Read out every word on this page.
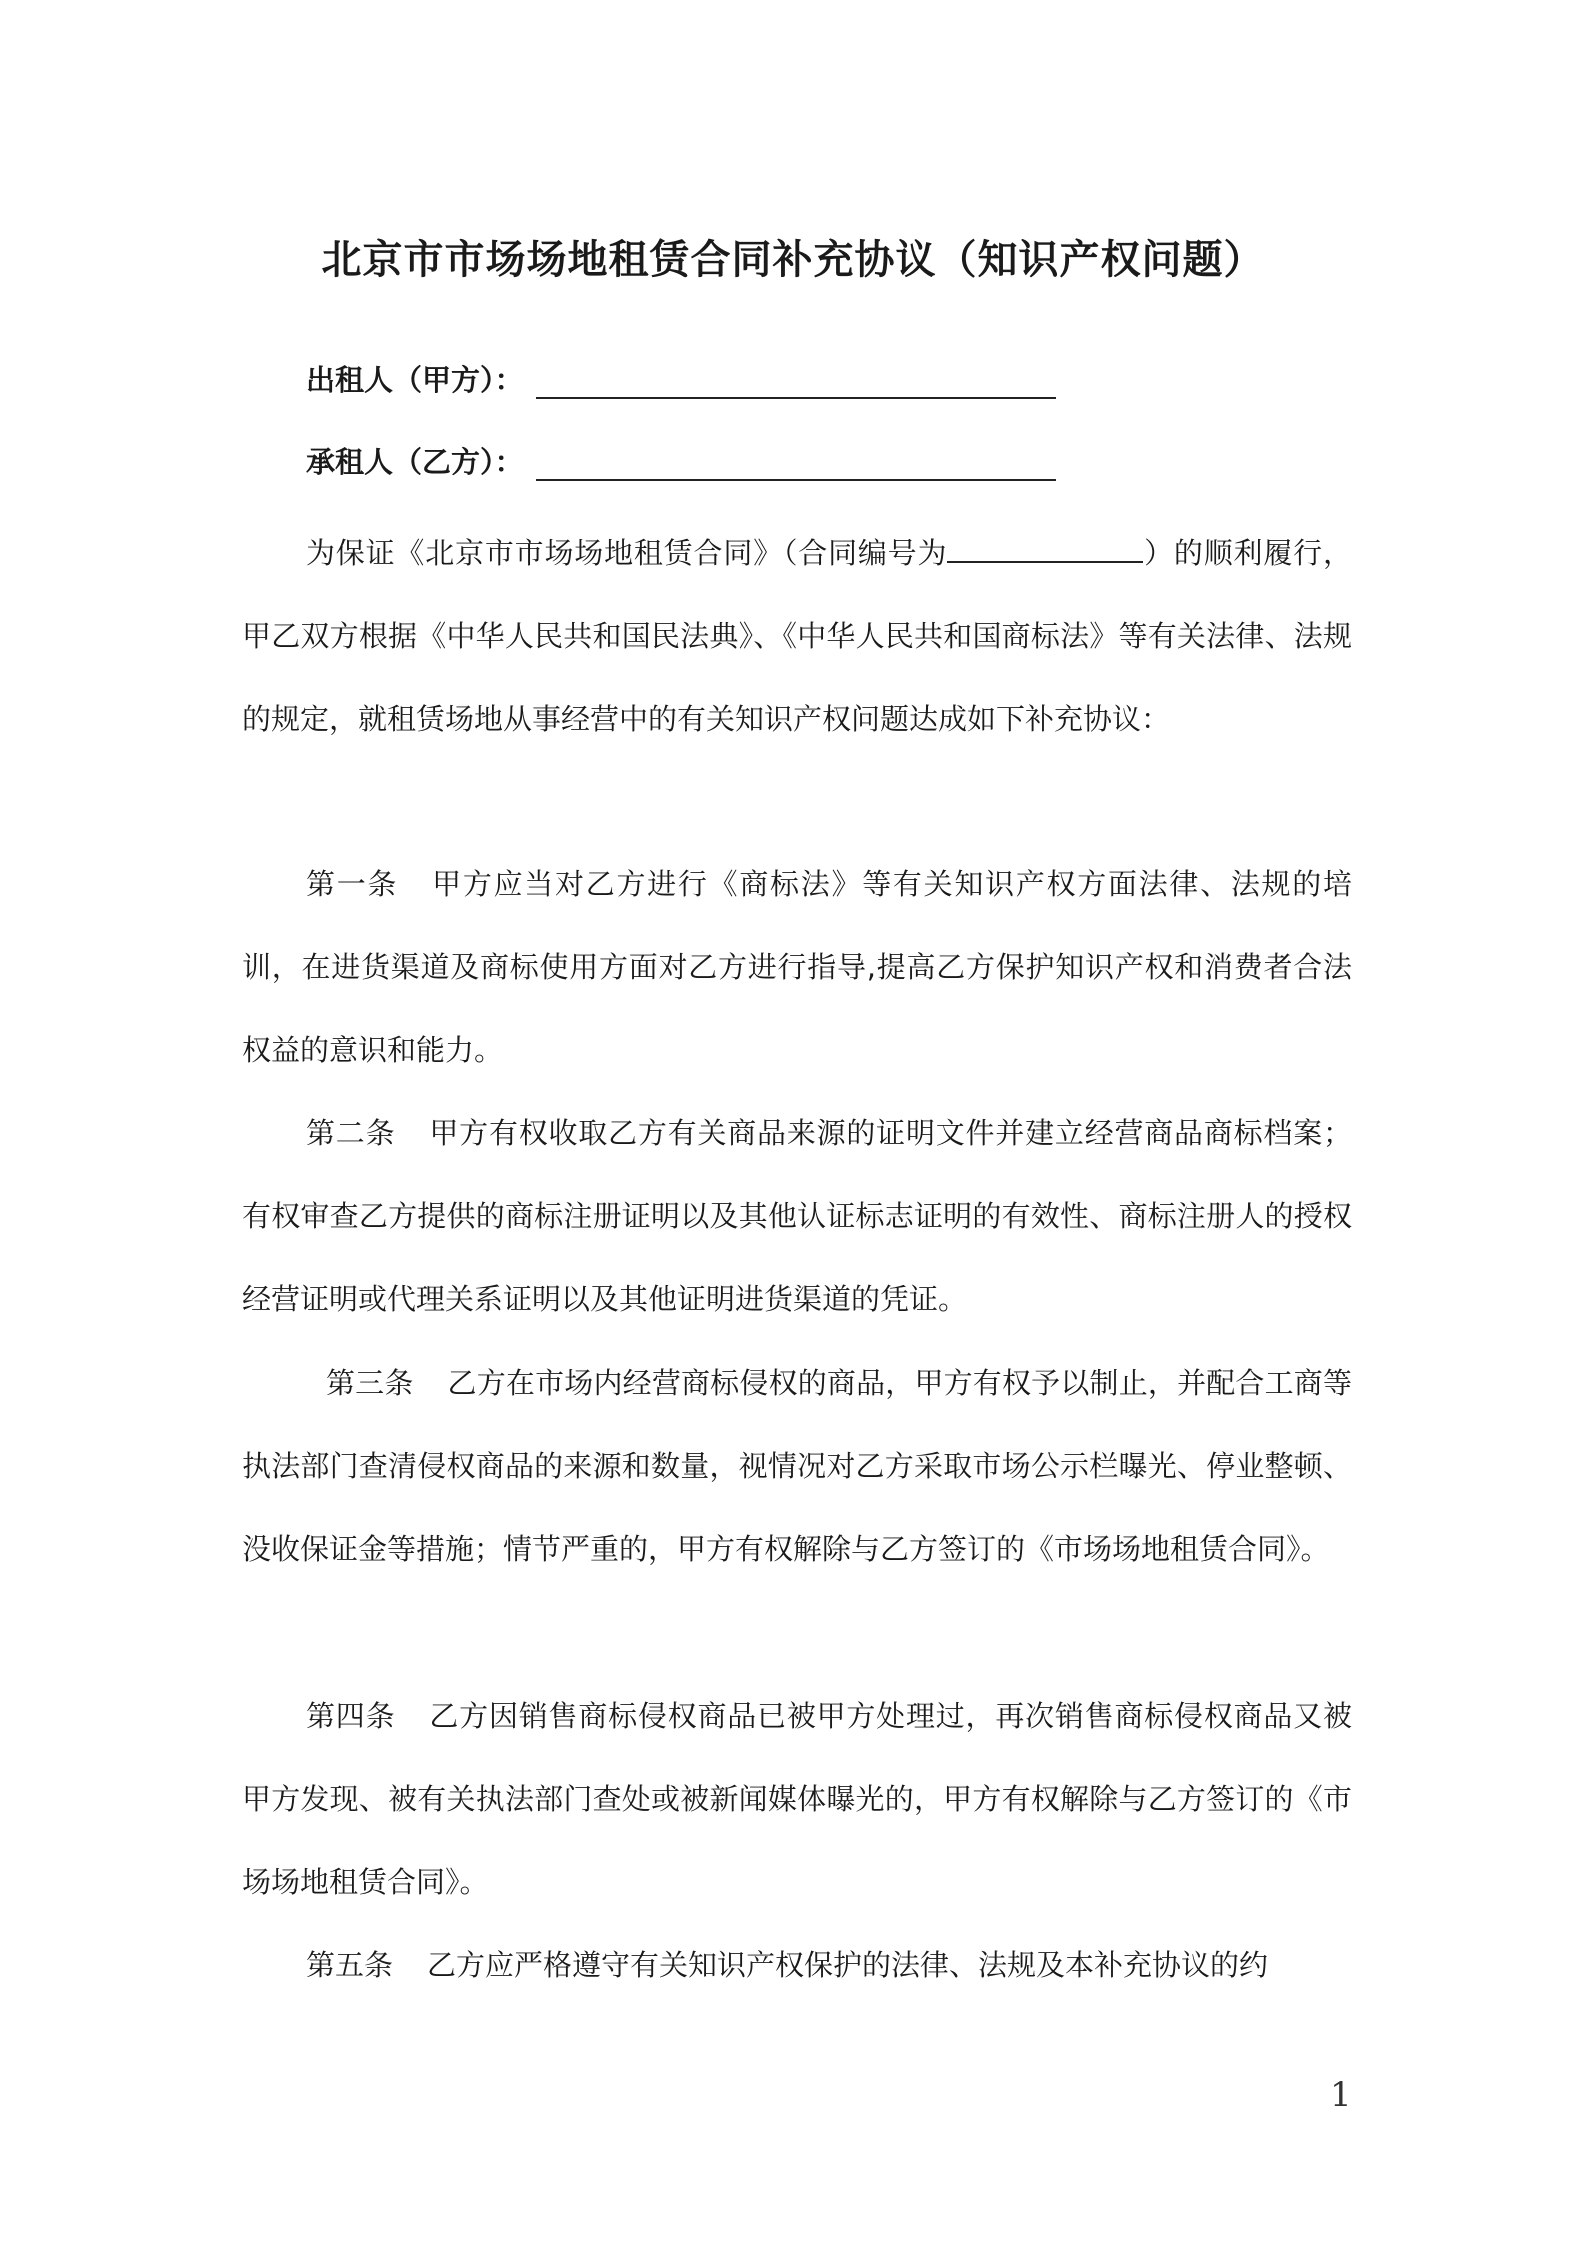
北京市市场场地租赁合同补充协议（知识产权问题）
出租人（甲方）：
承租人（乙方）：

为保证《北京市市场场地租赁合同》（合同编号为	）的顺利履行，甲乙双方根据《中华人民共和国民法典》、《中华人民共和国商标法》等有关法律、法规的规定，就租赁场地从事经营中的有关知识产权问题达成如下补充协议：

第一条 甲方应当对乙方进行《商标法》等有关知识产权方面法律、法规的培训，在进货渠道及商标使用方面对乙方进行指导,提高乙方保护知识产权和消费者合法权益的意识和能力。

第二条 甲方有权收取乙方有关商品来源的证明文件并建立经营商品商标档案；有权审查乙方提供的商标注册证明以及其他认证标志证明的有效性、商标注册人的授权经营证明或代理关系证明以及其他证明进货渠道的凭证。

第三条 乙方在市场内经营商标侵权的商品，甲方有权予以制止，并配合工商等执法部门查清侵权商品的来源和数量，视情况对乙方采取市场公示栏曝光、停业整顿、没收保证金等措施；情节严重的，甲方有权解除与乙方签订的《市场场地租赁合同》。

第四条 乙方因销售商标侵权商品已被甲方处理过，再次销售商标侵权商品又被甲方发现、被有关执法部门查处或被新闻媒体曝光的，甲方有权解除与乙方签订的《市场场地租赁合同》。

第五条 乙方应严格遵守有关知识产权保护的法律、法规及本补充协议的约

1
